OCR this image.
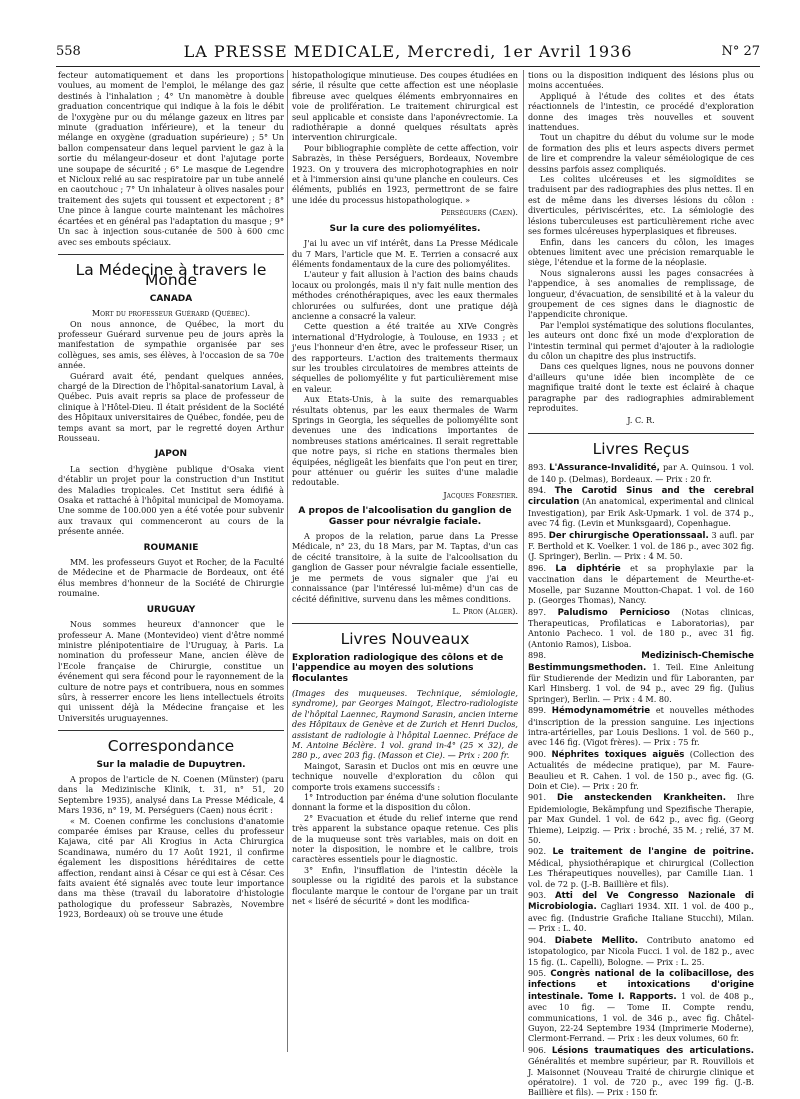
558	LA PRESSE MEDICALE, Mercredi, 1er Avril 1936	N° 27

fecteur automatiquement et dans les proportions voulues, au moment de l'emploi, le mélange des gaz destinés à l'inhalation ; 4° Un manomètre à double graduation concentrique qui indique à la fois le débit de l'oxygène pur ou du mélange gazeux en litres par minute (graduation inférieure), et la teneur du mélange en oxygène (graduation supérieure) ; 5° Un ballon compensateur dans lequel parvient le gaz à la sortie du mélangeur-doseur et dont l'ajutage porte une soupape de sécurité ; 6° Le masque de Legendre et Nicloux relié au sac respiratoire par un tube annelé en caoutchouc ; 7° Un inhalateur à olives nasales pour traitement des sujets qui toussent et expectorent ; 8° Une pince à langue courte maintenant les mâchoires écartées et en général pas l'adaptation du masque ; 9° Un sac à injection sous-cutanée de 500 à 600 cmc avec ses embouts spéciaux.

La Médecine à travers le Monde
CANADA

Mort du professeur Guérard (Québec).

On nous annonce, de Québec, la mort du professeur Guérard survenue peu de jours après la manifestation de sympathie organisée par ses collègues, ses amis, ses élèves, à l'occasion de sa 70e année.

Guérard avait été, pendant quelques années, chargé de la Direction de l'hôpital-sanatorium Laval, à Québec. Puis avait repris sa place de professeur de clinique à l'Hôtel-Dieu. Il était président de la Société des Hôpitaux universitaires de Québec, fondée, peu de temps avant sa mort, par le regretté doyen Arthur Rousseau.

JAPON

La section d'hygiène publique d'Osaka vient d'établir un projet pour la construction d'un Institut des Maladies tropicales. Cet Institut sera édifié à Osaka et rattaché à l'hôpital municipal de Momoyama. Une somme de 100.000 yen a été votée pour subvenir aux travaux qui commenceront au cours de la présente année.

ROUMANIE

MM. les professeurs Guyot et Rocher, de la Faculté de Médecine et de Pharmacie de Bordeaux, ont été élus membres d'honneur de la Société de Chirurgie roumaine.

URUGUAY

Nous sommes heureux d'annoncer que le professeur A. Mane (Montevideo) vient d'être nommé ministre plénipotentiaire de l'Uruguay, à Paris. La nomination du professeur Mane, ancien élève de l'Ecole française de Chirurgie, constitue un événement qui sera fécond pour le rayonnement de la culture de notre pays et contribuera, nous en sommes sûrs, à resserrer encore les liens intellectuels étroits qui unissent déjà la Médecine française et les Universités uruguayennes.

Correspondance
Sur la maladie de Dupuytren.

A propos de l'article de N. Coenen (Münster) (paru dans la Medizinische Klinik, t. 31, n° 51, 20 Septembre 1935), analysé dans La Presse Médicale, 4 Mars 1936, n° 19, M. Perséguers (Caen) nous écrit :

« M. Coenen confirme les conclusions d'anatomie comparée émises par Krause, celles du professeur Kajawa, cité par Ali Krogius in Acta Chirurgica Scandinawa, numéro du 17 Août 1921, il confirme également les dispositions héréditaires de cette affection, rendant ainsi à César ce qui est à César. Ces faits avaient été signalés avec toute leur importance dans ma thèse (travail du laboratoire d'histologie pathologique du professeur Sabrazès, Novembre 1923, Bordeaux) où se trouve une étude

histopathologique minutieuse. Des coupes étudiées en série, il résulte que cette affection est une néoplasie fibreuse avec quelques éléments embryonnaires en voie de prolifération. Le traitement chirurgical est seul applicable et consiste dans l'aponévrectomie. La radiothérapie a donné quelques résultats après intervention chirurgicale.

Pour bibliographie complète de cette affection, voir Sabrazès, in thèse Perséguers, Bordeaux, Novembre 1923. On y trouvera des microphotographies en noir et à l'immersion ainsi qu'une planche en couleurs. Ces éléments, publiés en 1923, permettront de se faire une idée du processus histopathologique. »

Perséguers (Caen).
Sur la cure des poliomyélites.

J'ai lu avec un vif intérêt, dans La Presse Médicale du 7 Mars, l'article que M. E. Terrien a consacré aux éléments fondamentaux de la cure des poliomyélites.

L'auteur y fait allusion à l'action des bains chauds locaux ou prolongés, mais il n'y fait nulle mention des méthodes crénothérapiques, avec les eaux thermales chlorurées ou sulfurées, dont une pratique déjà ancienne a consacré la valeur.

Cette question a été traitée au XIVe Congrès international d'Hydrologie, à Toulouse, en 1933 ; et j'eus l'honneur d'en être, avec le professeur Riser, un des rapporteurs. L'action des traitements thermaux sur les troubles circulatoires de membres atteints de séquelles de poliomyélite y fut particulièrement mise en valeur.

Aux Etats-Unis, à la suite des remarquables résultats obtenus, par les eaux thermales de Warm Springs in Georgia, les séquelles de poliomyélite sont devenues une des indications importantes de nombreuses stations américaines. Il serait regrettable que notre pays, si riche en stations thermales bien équipées, négligeât les bienfaits que l'on peut en tirer, pour atténuer ou guérir les suites d'une maladie redoutable.

Jacques Forestier.
A propos de l'alcoolisation du ganglion de Gasser pour névralgie faciale.

A propos de la relation, parue dans La Presse Médicale, n° 23, du 18 Mars, par M. Taptas, d'un cas de cécité transitoire, à la suite de l'alcoolisation du ganglion de Gasser pour névralgie faciale essentielle, je me permets de vous signaler que j'ai eu connaissance (par l'intéressé lui-même) d'un cas de cécité définitive, survenu dans les mêmes conditions.

L. Pron (Alger).
Livres Nouveaux
Exploration radiologique des côlons et de l'appendice au moyen des solutions floculantes

(Images des muqueuses. Technique, sémiologie, syndrome), par Georges Maingot, Electro-radiologiste de l'hôpital Laennec, Raymond Sarasin, ancien interne des Hôpitaux de Genève et de Zurich et Henri Duclos, assistant de radiologie à l'hôpital Laennec. Préface de M. Antoine Béclère. 1 vol. grand in-4° (25 × 32), de 280 p., avec 203 fig. (Masson et Cie). — Prix : 200 fr.

Maingot, Sarasin et Duclos ont mis en œuvre une technique nouvelle d'exploration du côlon qui comporte trois examens successifs :

1° Introduction par énéma d'une solution floculante donnant la forme et la disposition du côlon.

2° Evacuation et étude du relief interne que rend très apparent la substance opaque retenue. Ces plis de la muqueuse sont très variables, mais on doit en noter la disposition, le nombre et le calibre, trois caractères essentiels pour le diagnostic.

3° Enfin, l'insufflation de l'intestin décèle la souplesse ou la rigidité des parois et la substance floculante marque le contour de l'organe par un trait net « liséré de sécurité » dont les modifica-

tions ou la disposition indiquent des lésions plus ou moins accentuées.

Appliqué à l'étude des colites et des états réactionnels de l'intestin, ce procédé d'exploration donne des images très nouvelles et souvent inattendues.

Tout un chapitre du début du volume sur le mode de formation des plis et leurs aspects divers permet de lire et comprendre la valeur séméiologique de ces dessins parfois assez compliqués.

Les colites ulcéreuses et les sigmoïdites se traduisent par des radiographies des plus nettes. Il en est de même dans les diverses lésions du côlon : diverticules, périviscérites, etc. La sémiologie des lésions tuberculeuses est particulièrement riche avec ses formes ulcéreuses hyperplasiques et fibreuses.

Enfin, dans les cancers du côlon, les images obtenues limitent avec une précision remarquable le siège, l'étendue et la forme de la néoplasie.

Nous signalerons aussi les pages consacrées à l'appendice, à ses anomalies de remplissage, de longueur, d'évacuation, de sensibilité et à la valeur du groupement de ces signes dans le diagnostic de l'appendicite chronique.

Par l'emploi systématique des solutions floculantes, les auteurs ont donc fixé un mode d'exploration de l'intestin terminal qui permet d'ajouter à la radiologie du côlon un chapitre des plus instructifs.

Dans ces quelques lignes, nous ne pouvons donner d'ailleurs qu'une idée bien incomplète de ce magnifique traité dont le texte est éclairé à chaque paragraphe par des radiographies admirablement reproduites.

J. C. R.
Livres Reçus

893. L'Assurance-Invalidité, par A. Quinsou. 1 vol. de 140 p. (Delmas), Bordeaux. — Prix : 20 fr.

894. The Carotid Sinus and the cerebral circulation (An anatomical, experimental and clinical Investigation), par Erik Ask-Upmark. 1 vol. de 374 p., avec 74 fig. (Levin et Munksgaard), Copenhague.

895. Der chirurgische Operationssaal. 3 aufl. par F. Berthold et K. Voelker. 1 vol. de 186 p., avec 302 fig. (J. Springer), Berlin. — Prix : 4 M. 50.

896. La diphtérie et sa prophylaxie par la vaccination dans le département de Meurthe-et-Moselle, par Suzanne Moutton-Chapat. 1 vol. de 160 p. (Georges Thomas), Nancy.

897. Paludismo Pernicioso (Notas clinicas, Therapeuticas, Profilaticas e Laboratorias), par Antonio Pacheco. 1 vol. de 180 p., avec 31 fig. (Antonio Ramos), Lisboa.

898.	Medizinisch-Chemische Bestimmungsmethoden. 1. Teil. Eine Anleitung für Studierende der Medizin und für Laboranten, par Karl Hinsberg. 1 vol. de 94 p., avec 29 fig. (Julius Springer), Berlin. — Prix : 4 M. 80.

899. Hémodynamométrie et nouvelles méthodes d'inscription de la pression sanguine. Les injections intra-artérielles, par Louis Deslions. 1 vol. de 560 p., avec 146 fig. (Vigot frères). — Prix : 75 fr.

900. Néphrites toxiques aiguës (Collection des Actualités de médecine pratique), par M. Faure-Beaulieu et R. Cahen. 1 vol. de 150 p., avec fig. (G. Doin et Cie). — Prix : 20 fr.

901. Die ansteckenden Krankheiten. Ihre Epidemiologie, Bekämpfung und Spezifische Therapie, par Max Gundel. 1 vol. de 642 p., avec fig. (Georg Thieme), Leipzig. — Prix : broché, 35 M. ; relié, 37 M. 50.

902. Le traitement de l'angine de poitrine. Médical, physiothérapique et chirurgical (Collection Les Thérapeutiques nouvelles), par Camille Lian. 1 vol. de 72 p. (J.-B. Baillière et fils).

903. Atti del Ve Congresso Nazionale di Microbiologia. Cagliari 1934. XII. 1 vol. de 400 p., avec fig. (Industrie Grafiche Italiane Stucchi), Milan. — Prix : L. 40.

904. Diabete Mellito. Contributo anatomo ed istopatologico, par Nicola Fucci. 1 vol. de 182 p., avec 15 fig. (L. Capelli), Bologne. — Prix : L. 25.

905. Congrès national de la colibacillose, des infections et intoxications d'origine intestinale. Tome I. Rapports. 1 vol. de 408 p., avec 10 fig. — Tome II. Compte rendu, communications, 1 vol. de 346 p., avec fig. Châtel-Guyon, 22-24 Septembre 1934 (Imprimerie Moderne), Clermont-Ferrand. — Prix : les deux volumes, 60 fr.

906. Lésions traumatiques des articulations. Généralités et membre supérieur, par R. Rouvillois et J. Maisonnet (Nouveau Traité de chirurgie clinique et opératoire). 1 vol. de 720 p., avec 199 fig. (J.-B. Baillière et fils). — Prix : 150 fr.
